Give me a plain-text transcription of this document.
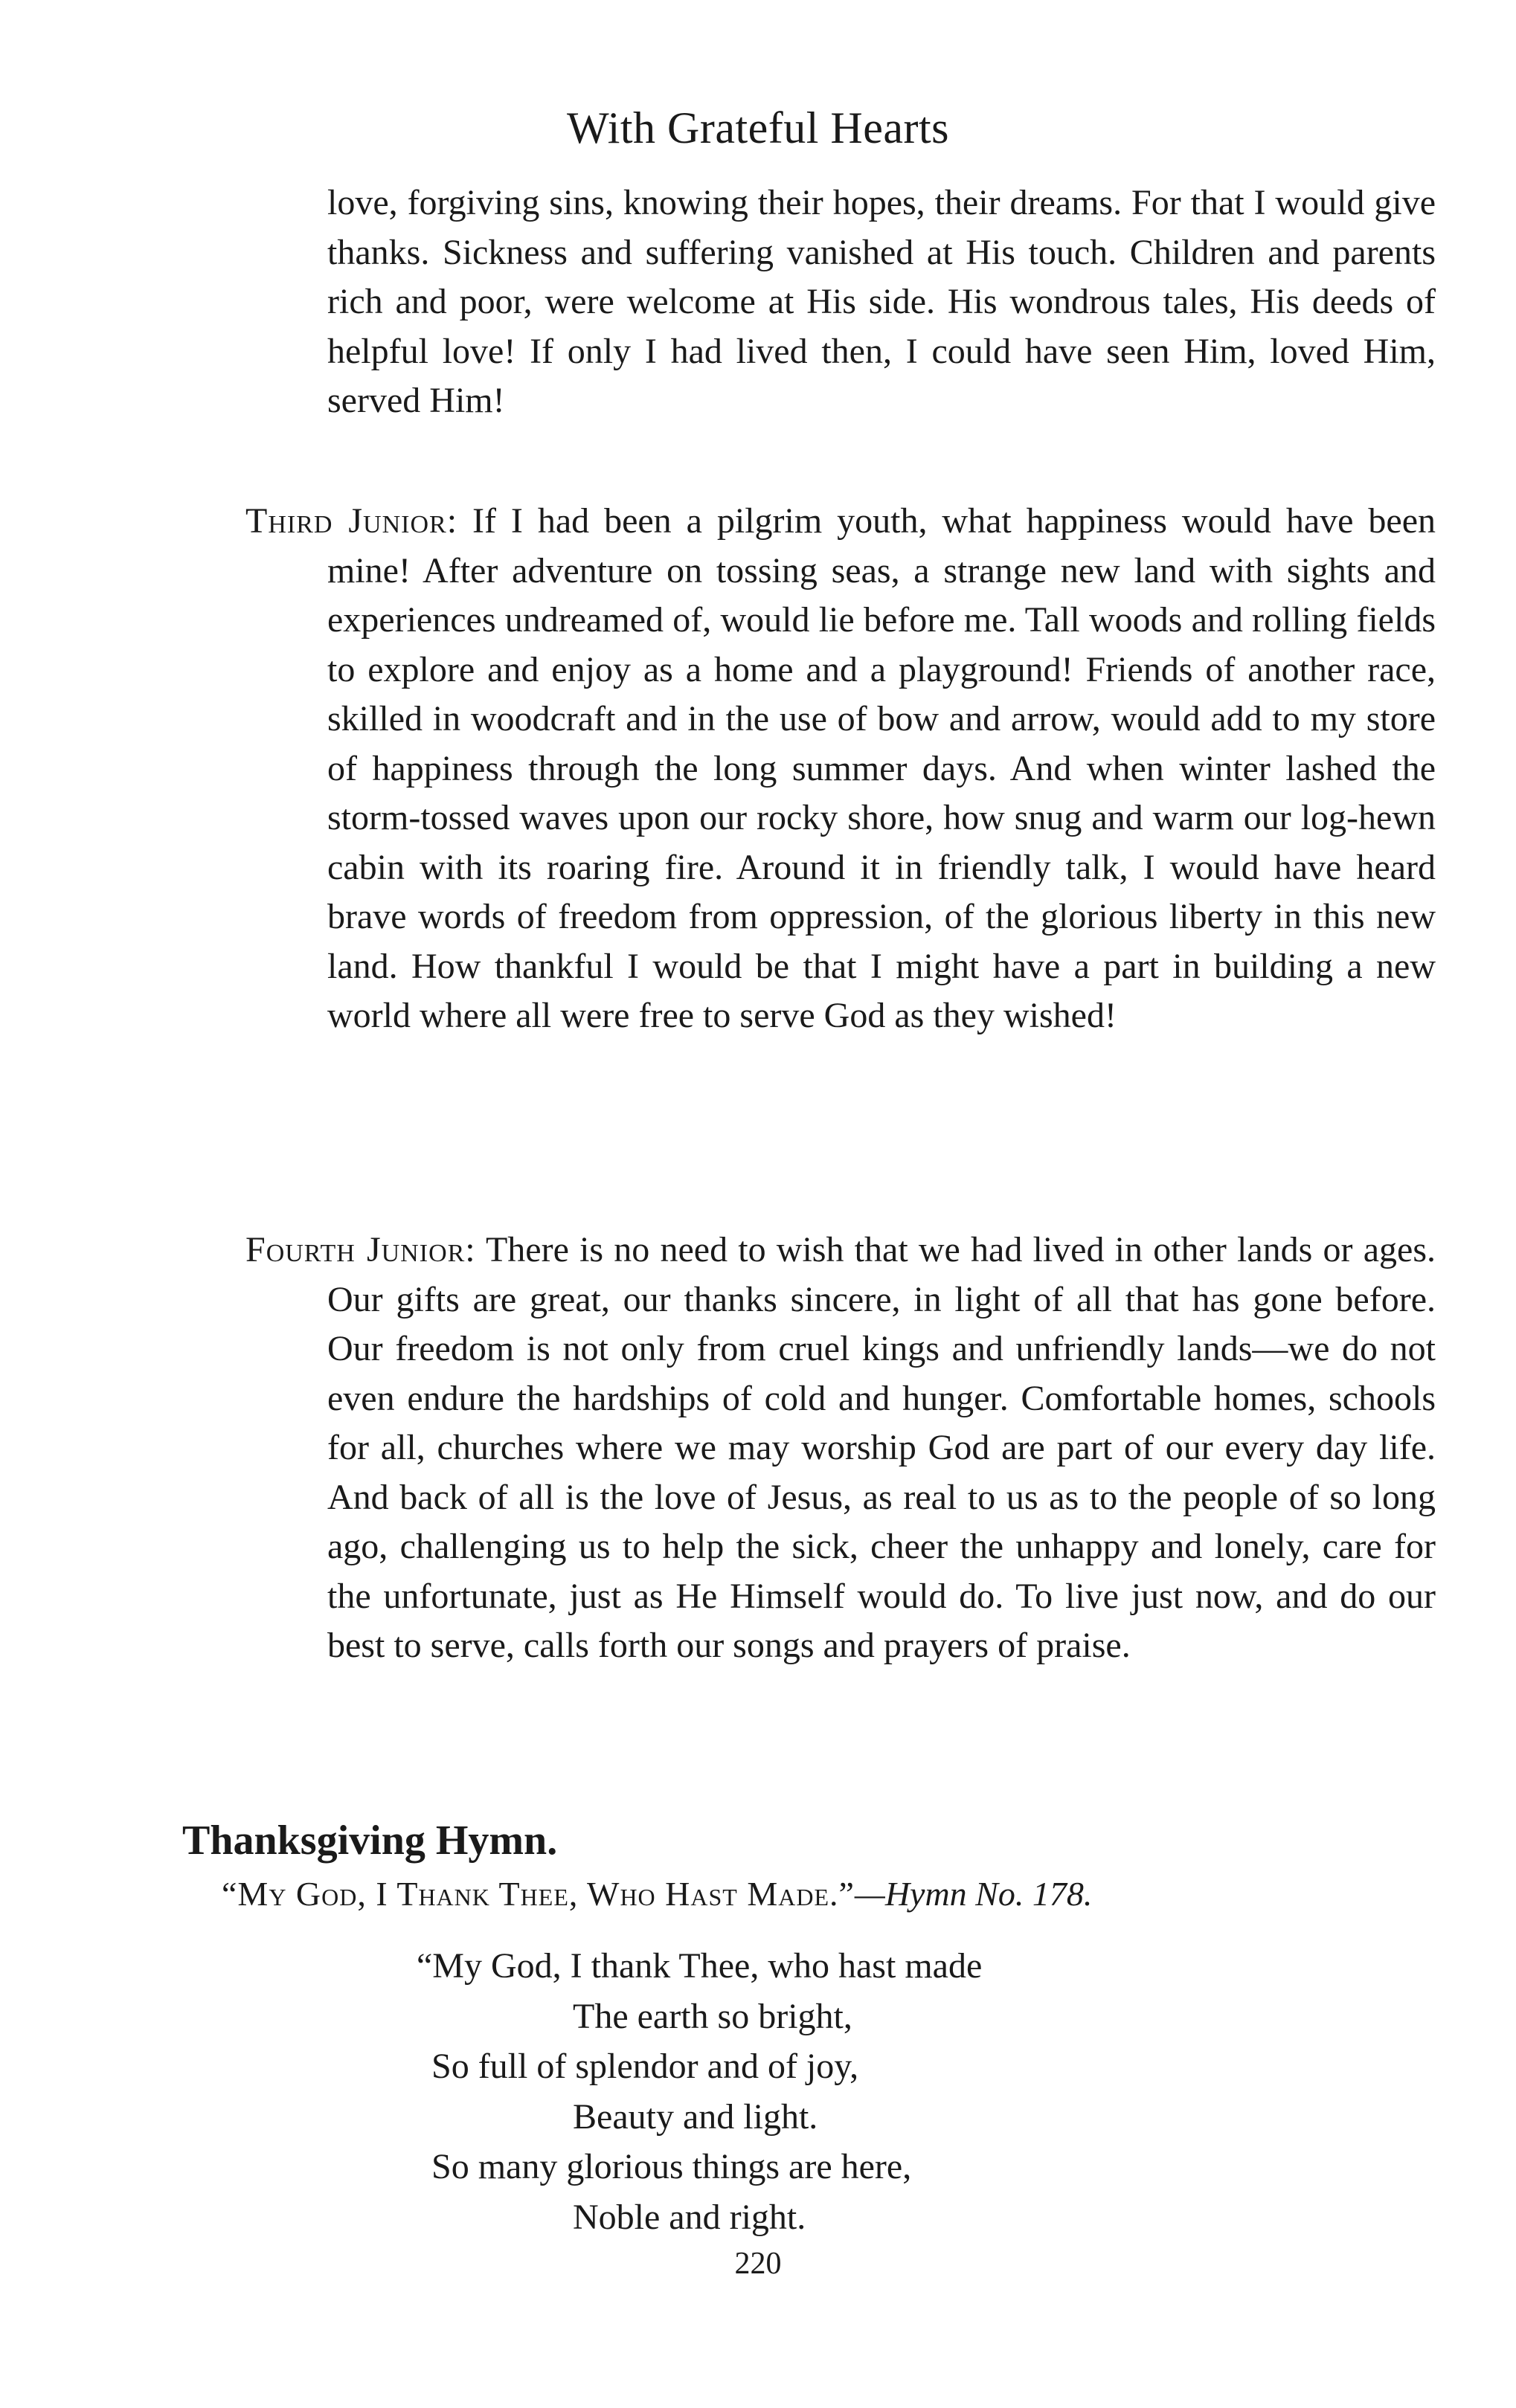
With Grateful Hearts
love, forgiving sins, knowing their hopes, their dreams. For that I would give thanks. Sickness and suffering vanished at His touch. Children and parents rich and poor, were welcome at His side. His wondrous tales, His deeds of helpful love! If only I had lived then, I could have seen Him, loved Him, served Him!
Third Junior: If I had been a pilgrim youth, what happiness would have been mine! After adventure on tossing seas, a strange new land with sights and experiences undreamed of, would lie before me. Tall woods and rolling fields to explore and enjoy as a home and a playground! Friends of another race, skilled in woodcraft and in the use of bow and arrow, would add to my store of happiness through the long summer days. And when winter lashed the storm-tossed waves upon our rocky shore, how snug and warm our log-hewn cabin with its roaring fire. Around it in friendly talk, I would have heard brave words of freedom from oppression, of the glorious liberty in this new land. How thankful I would be that I might have a part in building a new world where all were free to serve God as they wished!
Fourth Junior: There is no need to wish that we had lived in other lands or ages. Our gifts are great, our thanks sincere, in light of all that has gone before. Our freedom is not only from cruel kings and unfriendly lands—we do not even endure the hardships of cold and hunger. Comfortable homes, schools for all, churches where we may worship God are part of our every day life. And back of all is the love of Jesus, as real to us as to the people of so long ago, challenging us to help the sick, cheer the unhappy and lonely, care for the unfortunate, just as He Himself would do. To live just now, and do our best to serve, calls forth our songs and prayers of praise.
Thanksgiving Hymn.
“My God, I Thank Thee, Who Hast Made.”—Hymn No. 178.
“My God, I thank Thee, who hast made
The earth so bright,
So full of splendor and of joy,
Beauty and light.
So many glorious things are here,
Noble and right.
220
